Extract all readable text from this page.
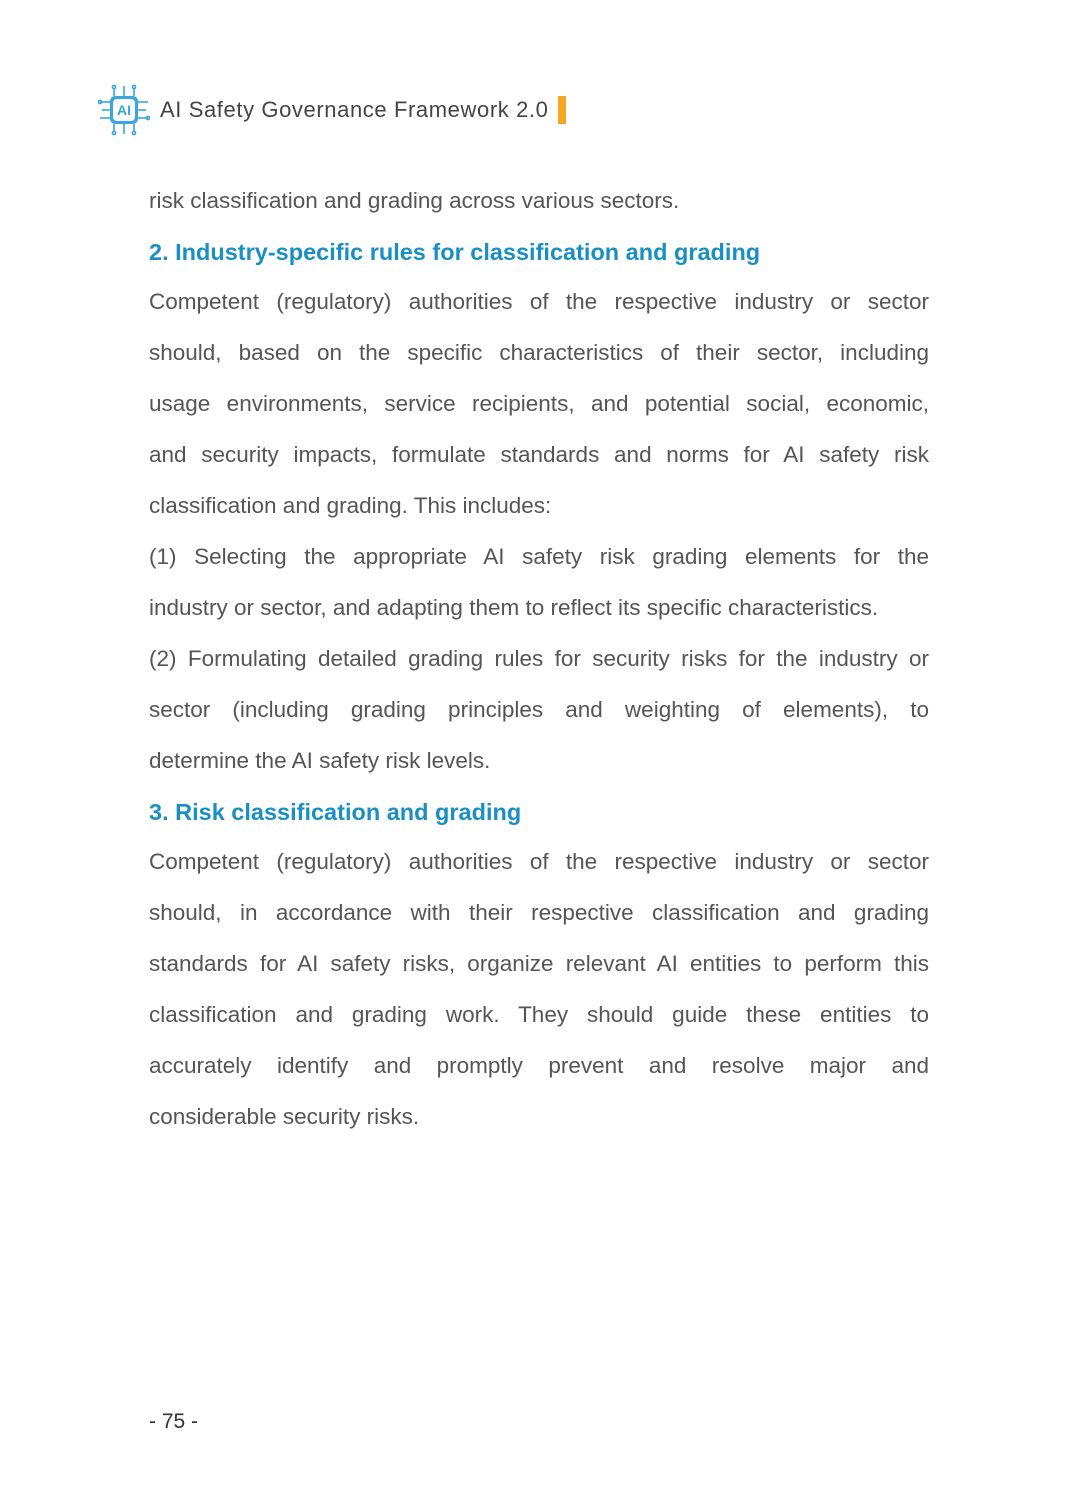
AI AI Safety Governance Framework 2.0

risk classification and grading across various sectors.

2. Industry-specific rules for classification and grading

Competent (regulatory) authorities of the respective industry or sector

should, based on the specific characteristics of their sector, including

usage environments, service recipients, and potential social, economic,

and security impacts, formulate standards and norms for AI safety risk

classification and grading. This includes:

(1) Selecting the appropriate AI safety risk grading elements for the

industry or sector, and adapting them to reflect its specific characteristics.

(2) Formulating detailed grading rules for security risks for the industry or

sector (including grading principles and weighting of elements), to

determine the AI safety risk levels.

3. Risk classification and grading

Competent (regulatory) authorities of the respective industry or sector

should, in accordance with their respective classification and grading

standards for AI safety risks, organize relevant AI entities to perform this

classification and grading work. They should guide these entities to

accurately identify and promptly prevent and resolve major and

considerable security risks.

- 75 -
